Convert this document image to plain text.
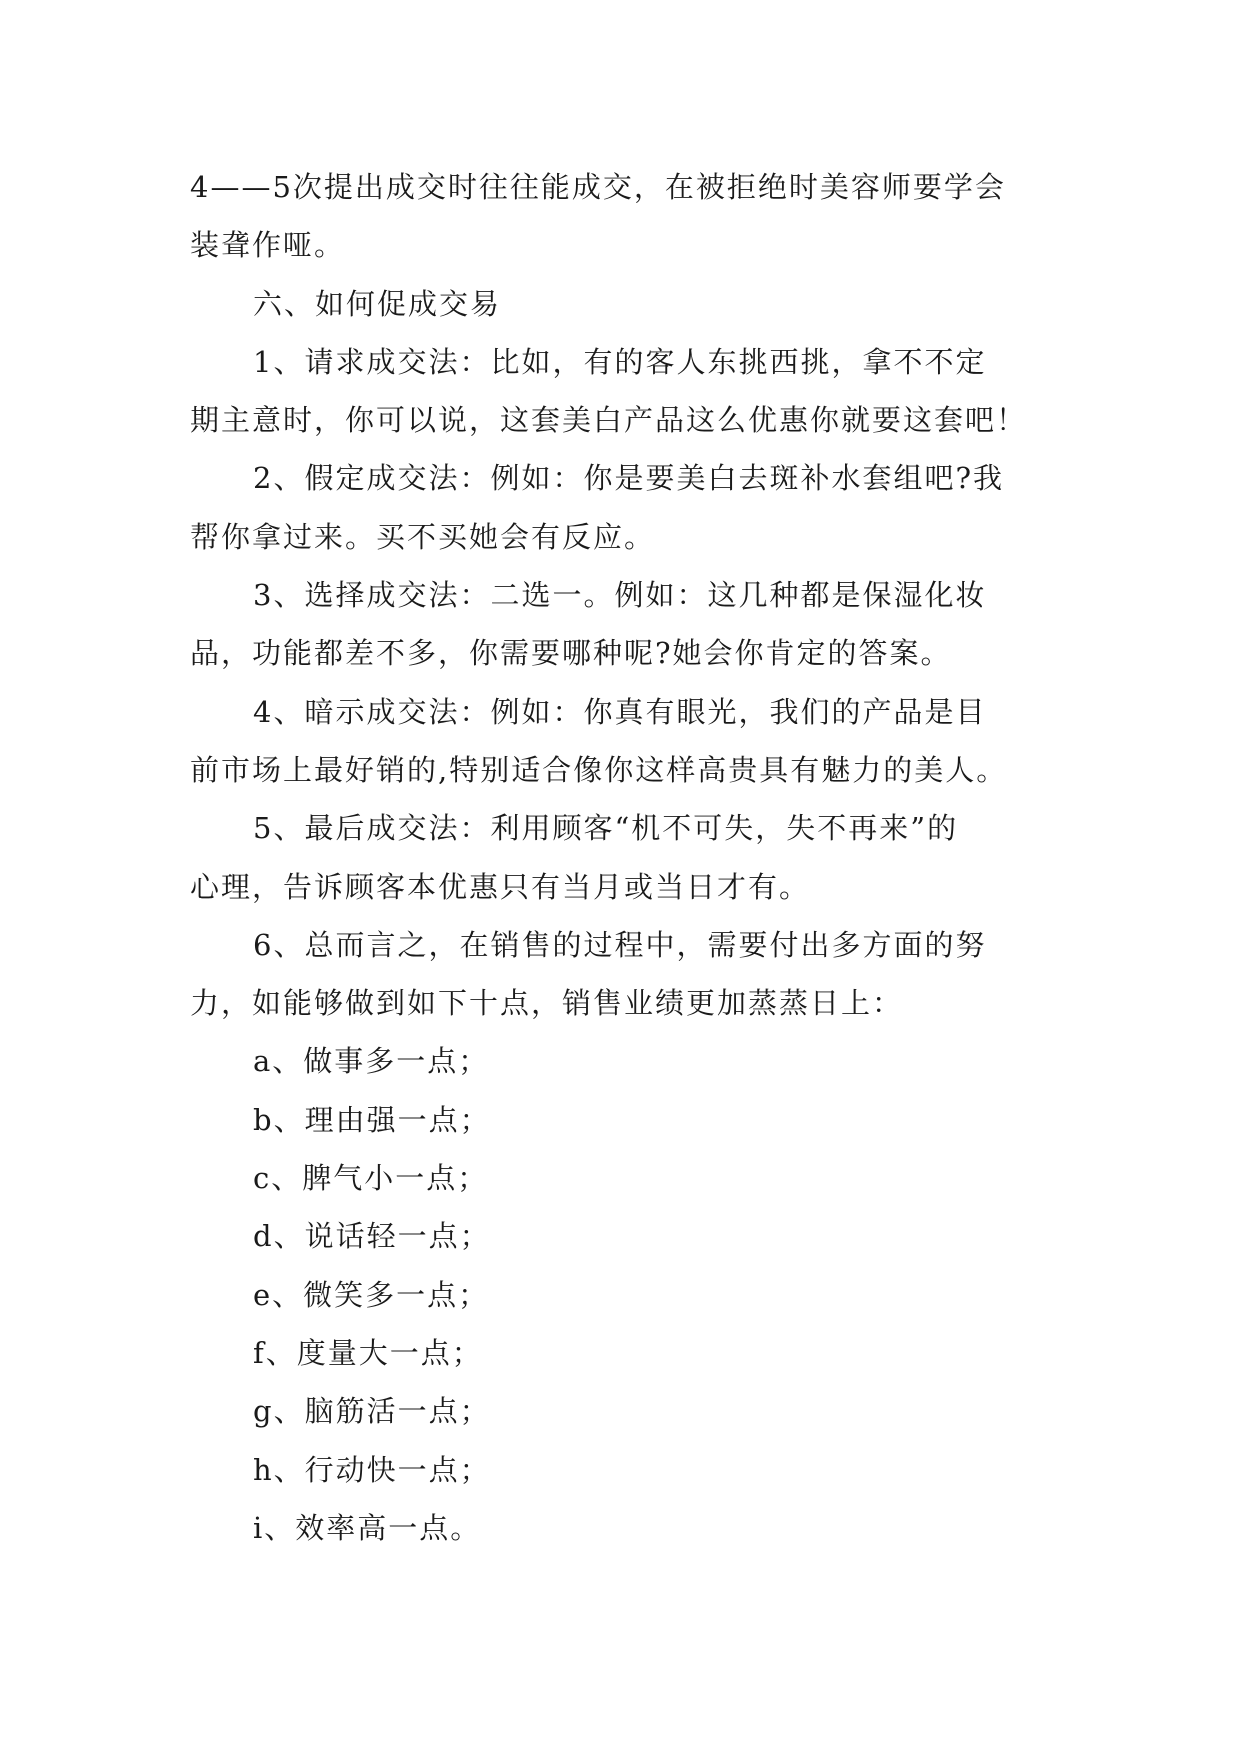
4——5次提出成交时往往能成交，在被拒绝时美容师要学会
装聋作哑。
六、如何促成交易
1、请求成交法：比如，有的客人东挑西挑，拿不不定
期主意时，你可以说，这套美白产品这么优惠你就要这套吧！
2、假定成交法：例如：你是要美白去斑补水套组吧?我
帮你拿过来。买不买她会有反应。
3、选择成交法：二选一。例如：这几种都是保湿化妆
品，功能都差不多，你需要哪种呢?她会你肯定的答案。
4、暗示成交法：例如：你真有眼光，我们的产品是目
前市场上最好销的,特别适合像你这样高贵具有魅力的美人。
5、最后成交法：利用顾客“机不可失，失不再来”的
心理，告诉顾客本优惠只有当月或当日才有。
6、总而言之，在销售的过程中，需要付出多方面的努
力，如能够做到如下十点，销售业绩更加蒸蒸日上：
a、做事多一点；
b、理由强一点；
c、脾气小一点；
d、说话轻一点；
e、微笑多一点；
f、度量大一点；
g、脑筋活一点；
h、行动快一点；
i、效率高一点。
